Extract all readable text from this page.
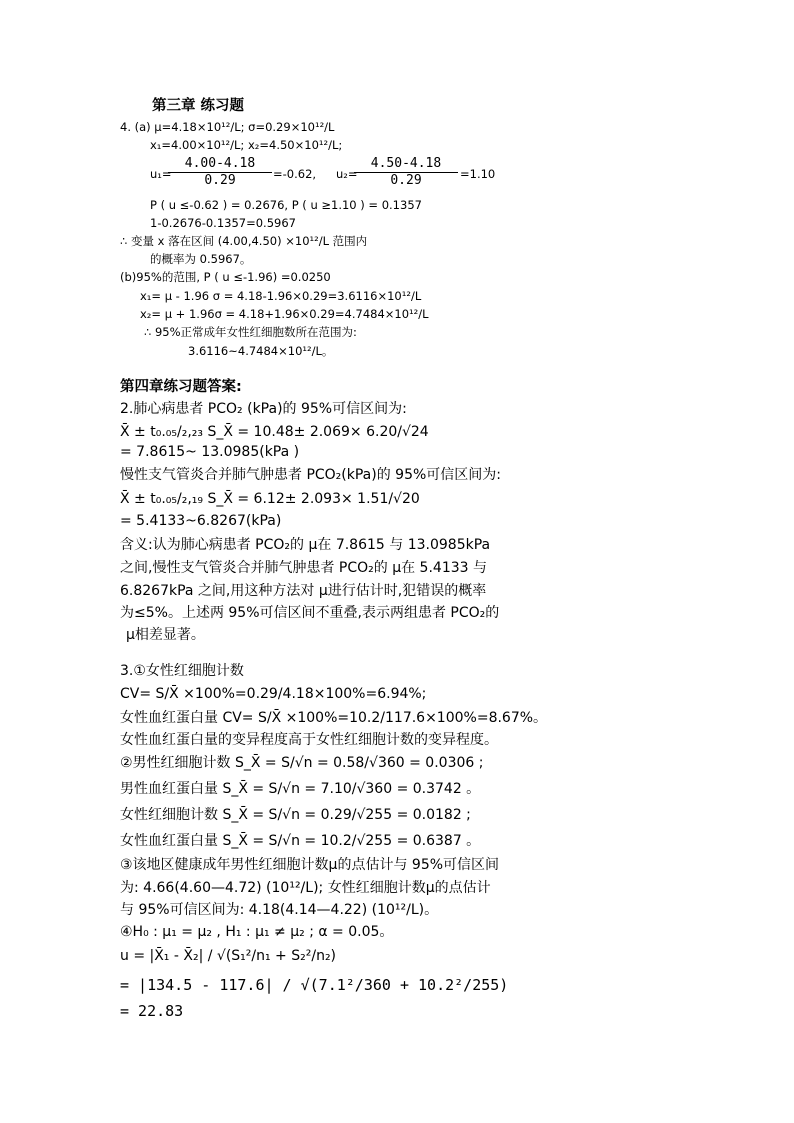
第三章 练习题
4. (a) μ=4.18×10¹²/L; σ=0.29×10¹²/L
x₁=4.00×10¹²/L; x₂=4.50×10¹²/L;
u₁=
$\frac{4.00-4.18}{0.29} =-0.62$, u₂=
$\frac{4.50-4.18}{0.29} =1.10$
P ( u ≤-0.62 ) = 0.2676, P ( u ≥1.10 ) = 0.1357
1-0.2676-0.1357=0.5967
∴ 变量 x 落在区间 (4.00,4.50) ×10¹²/L 范围内
的概率为 0.5967。
(b)95%的范围, P ( u ≤-1.96) =0.0250
x₁= μ - 1.96 σ = 4.18-1.96×0.29=3.6116×10¹²/L
x₂= μ + 1.96σ = 4.18+1.96×0.29=4.7484×10¹²/L
∴ 95%正常成年女性红细胞数所在范围为:
3.6116~4.7484×10¹²/L。
第四章练习题答案:
2.肺心病患者 PCO₂ (kPa)的 95%可信区间为:
X̄ ± t₀.₀₅/₂,₂₃ S_X̄ = 10.48± 2.069× 6.20/√24
= 7.8615~ 13.0985(kPa )
慢性支气管炎合并肺气肿患者 PCO₂(kPa)的 95%可信区间为:
X̄ ± t₀.₀₅/₂,₁₉ S_X̄ = 6.12± 2.093× 1.51/√20
= 5.4133~6.8267(kPa)
含义:认为肺心病患者 PCO₂的 μ在 7.8615 与 13.0985kPa
之间,慢性支气管炎合并肺气肿患者 PCO₂的 μ在 5.4133 与
6.8267kPa 之间,用这种方法对 μ进行估计时,犯错误的概率
为≤5%。上述两 95%可信区间不重叠,表示两组患者 PCO₂的
μ相差显著。
3.①女性红细胞计数
CV= S/X̄ ×100%=0.29/4.18×100%=6.94%;
女性血红蛋白量 CV= S/X̄ ×100%=10.2/117.6×100%=8.67%。
女性血红蛋白量的变异程度高于女性红细胞计数的变异程度。
②男性红细胞计数 S_X̄ = S/√n = 0.58/√360 = 0.0306 ;
男性血红蛋白量 S_X̄ = S/√n = 7.10/√360 = 0.3742 。
女性红细胞计数 S_X̄ = S/√n = 0.29/√255 = 0.0182 ;
女性血红蛋白量 S_X̄ = S/√n = 10.2/√255 = 0.6387 。
③该地区健康成年男性红细胞计数μ的点估计与 95%可信区间
为: 4.66(4.60—4.72) (10¹²/L); 女性红细胞计数μ的点估计
与 95%可信区间为: 4.18(4.14—4.22) (10¹²/L)。
④H₀ : μ₁ = μ₂ , H₁ : μ₁ ≠ μ₂ ; α = 0.05。
u = |X̄₁ - X̄₂| / √(S₁²/n₁ + S₂²/n₂)
= |134.5 - 117.6| / √(7.1²/360 + 10.2²/255)
= 22.83
